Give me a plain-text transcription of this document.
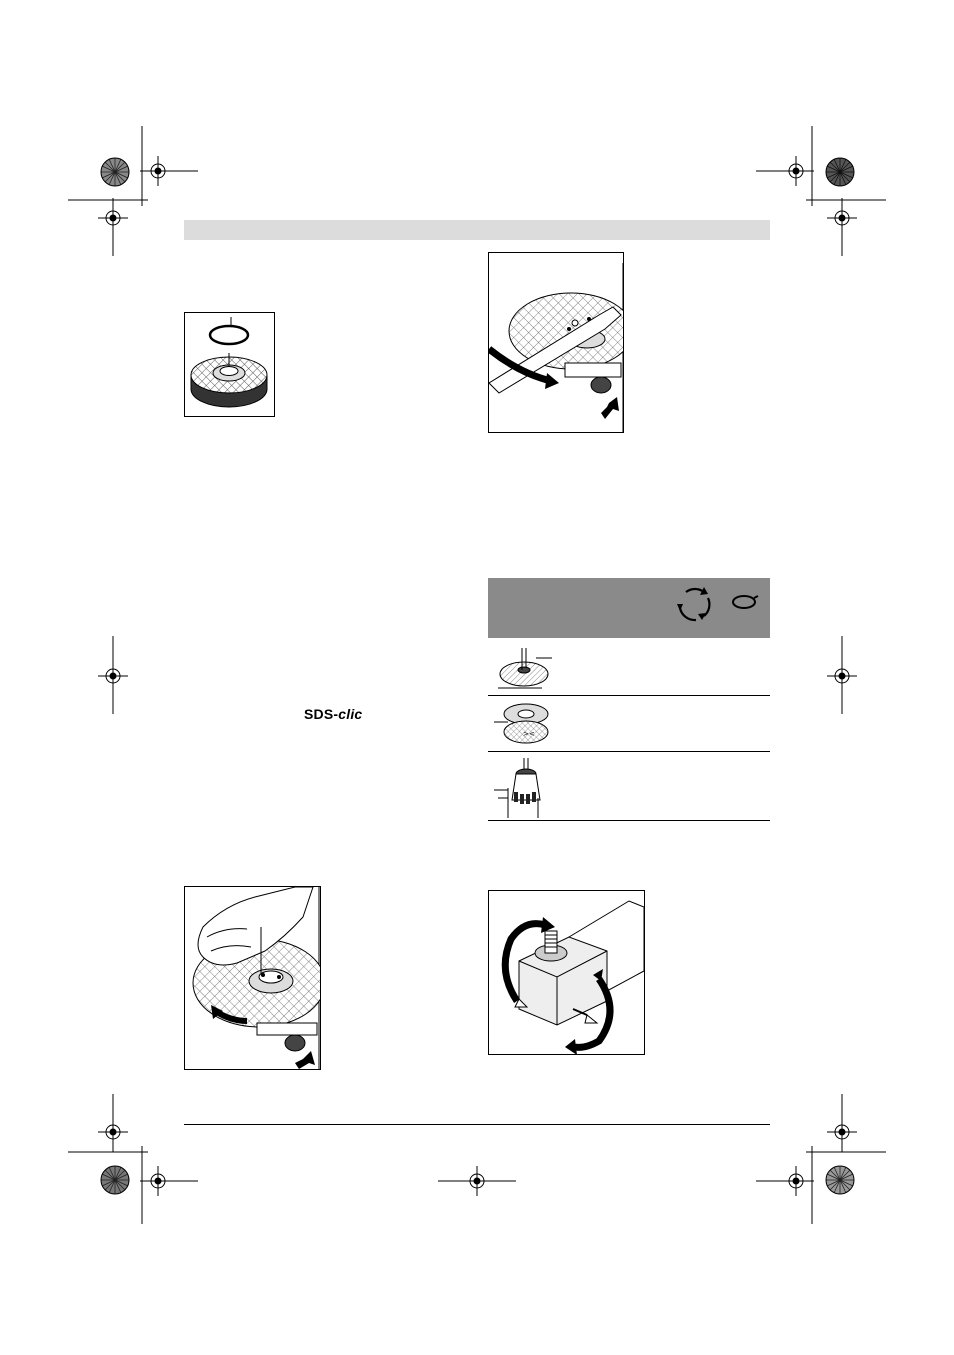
SDS-clic
><
